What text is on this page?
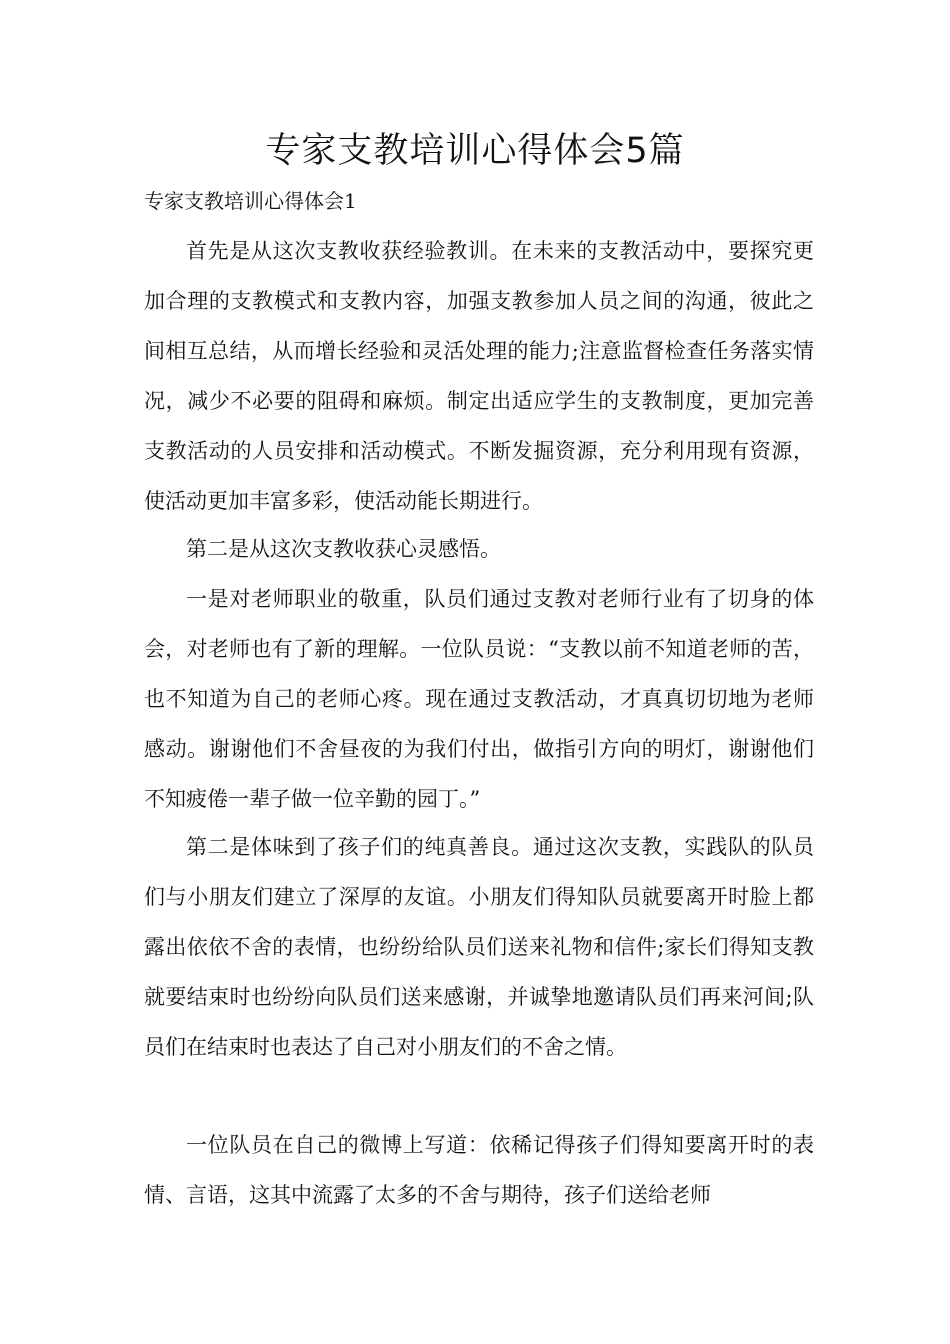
专家支教培训心得体会5篇

专家支教培训心得体会1

首先是从这次支教收获经验教训。在未来的支教活动中，要探究更加合理的支教模式和支教内容，加强支教参加人员之间的沟通，彼此之间相互总结，从而增长经验和灵活处理的能力;注意监督检查任务落实情况，减少不必要的阻碍和麻烦。制定出适应学生的支教制度，更加完善支教活动的人员安排和活动模式。不断发掘资源，充分利用现有资源，使活动更加丰富多彩，使活动能长期进行。

第二是从这次支教收获心灵感悟。

一是对老师职业的敬重，队员们通过支教对老师行业有了切身的体会，对老师也有了新的理解。一位队员说：“支教以前不知道老师的苦，也不知道为自己的老师心疼。现在通过支教活动，才真真切切地为老师感动。谢谢他们不舍昼夜的为我们付出，做指引方向的明灯，谢谢他们不知疲倦一辈子做一位辛勤的园丁。”

第二是体味到了孩子们的纯真善良。通过这次支教，实践队的队员们与小朋友们建立了深厚的友谊。小朋友们得知队员就要离开时脸上都露出依依不舍的表情，也纷纷给队员们送来礼物和信件;家长们得知支教就要结束时也纷纷向队员们送来感谢，并诚挚地邀请队员们再来河间;队员们在结束时也表达了自己对小朋友们的不舍之情。

一位队员在自己的微博上写道：依稀记得孩子们得知要离开时的表情、言语，这其中流露了太多的不舍与期待，孩子们送给老师
